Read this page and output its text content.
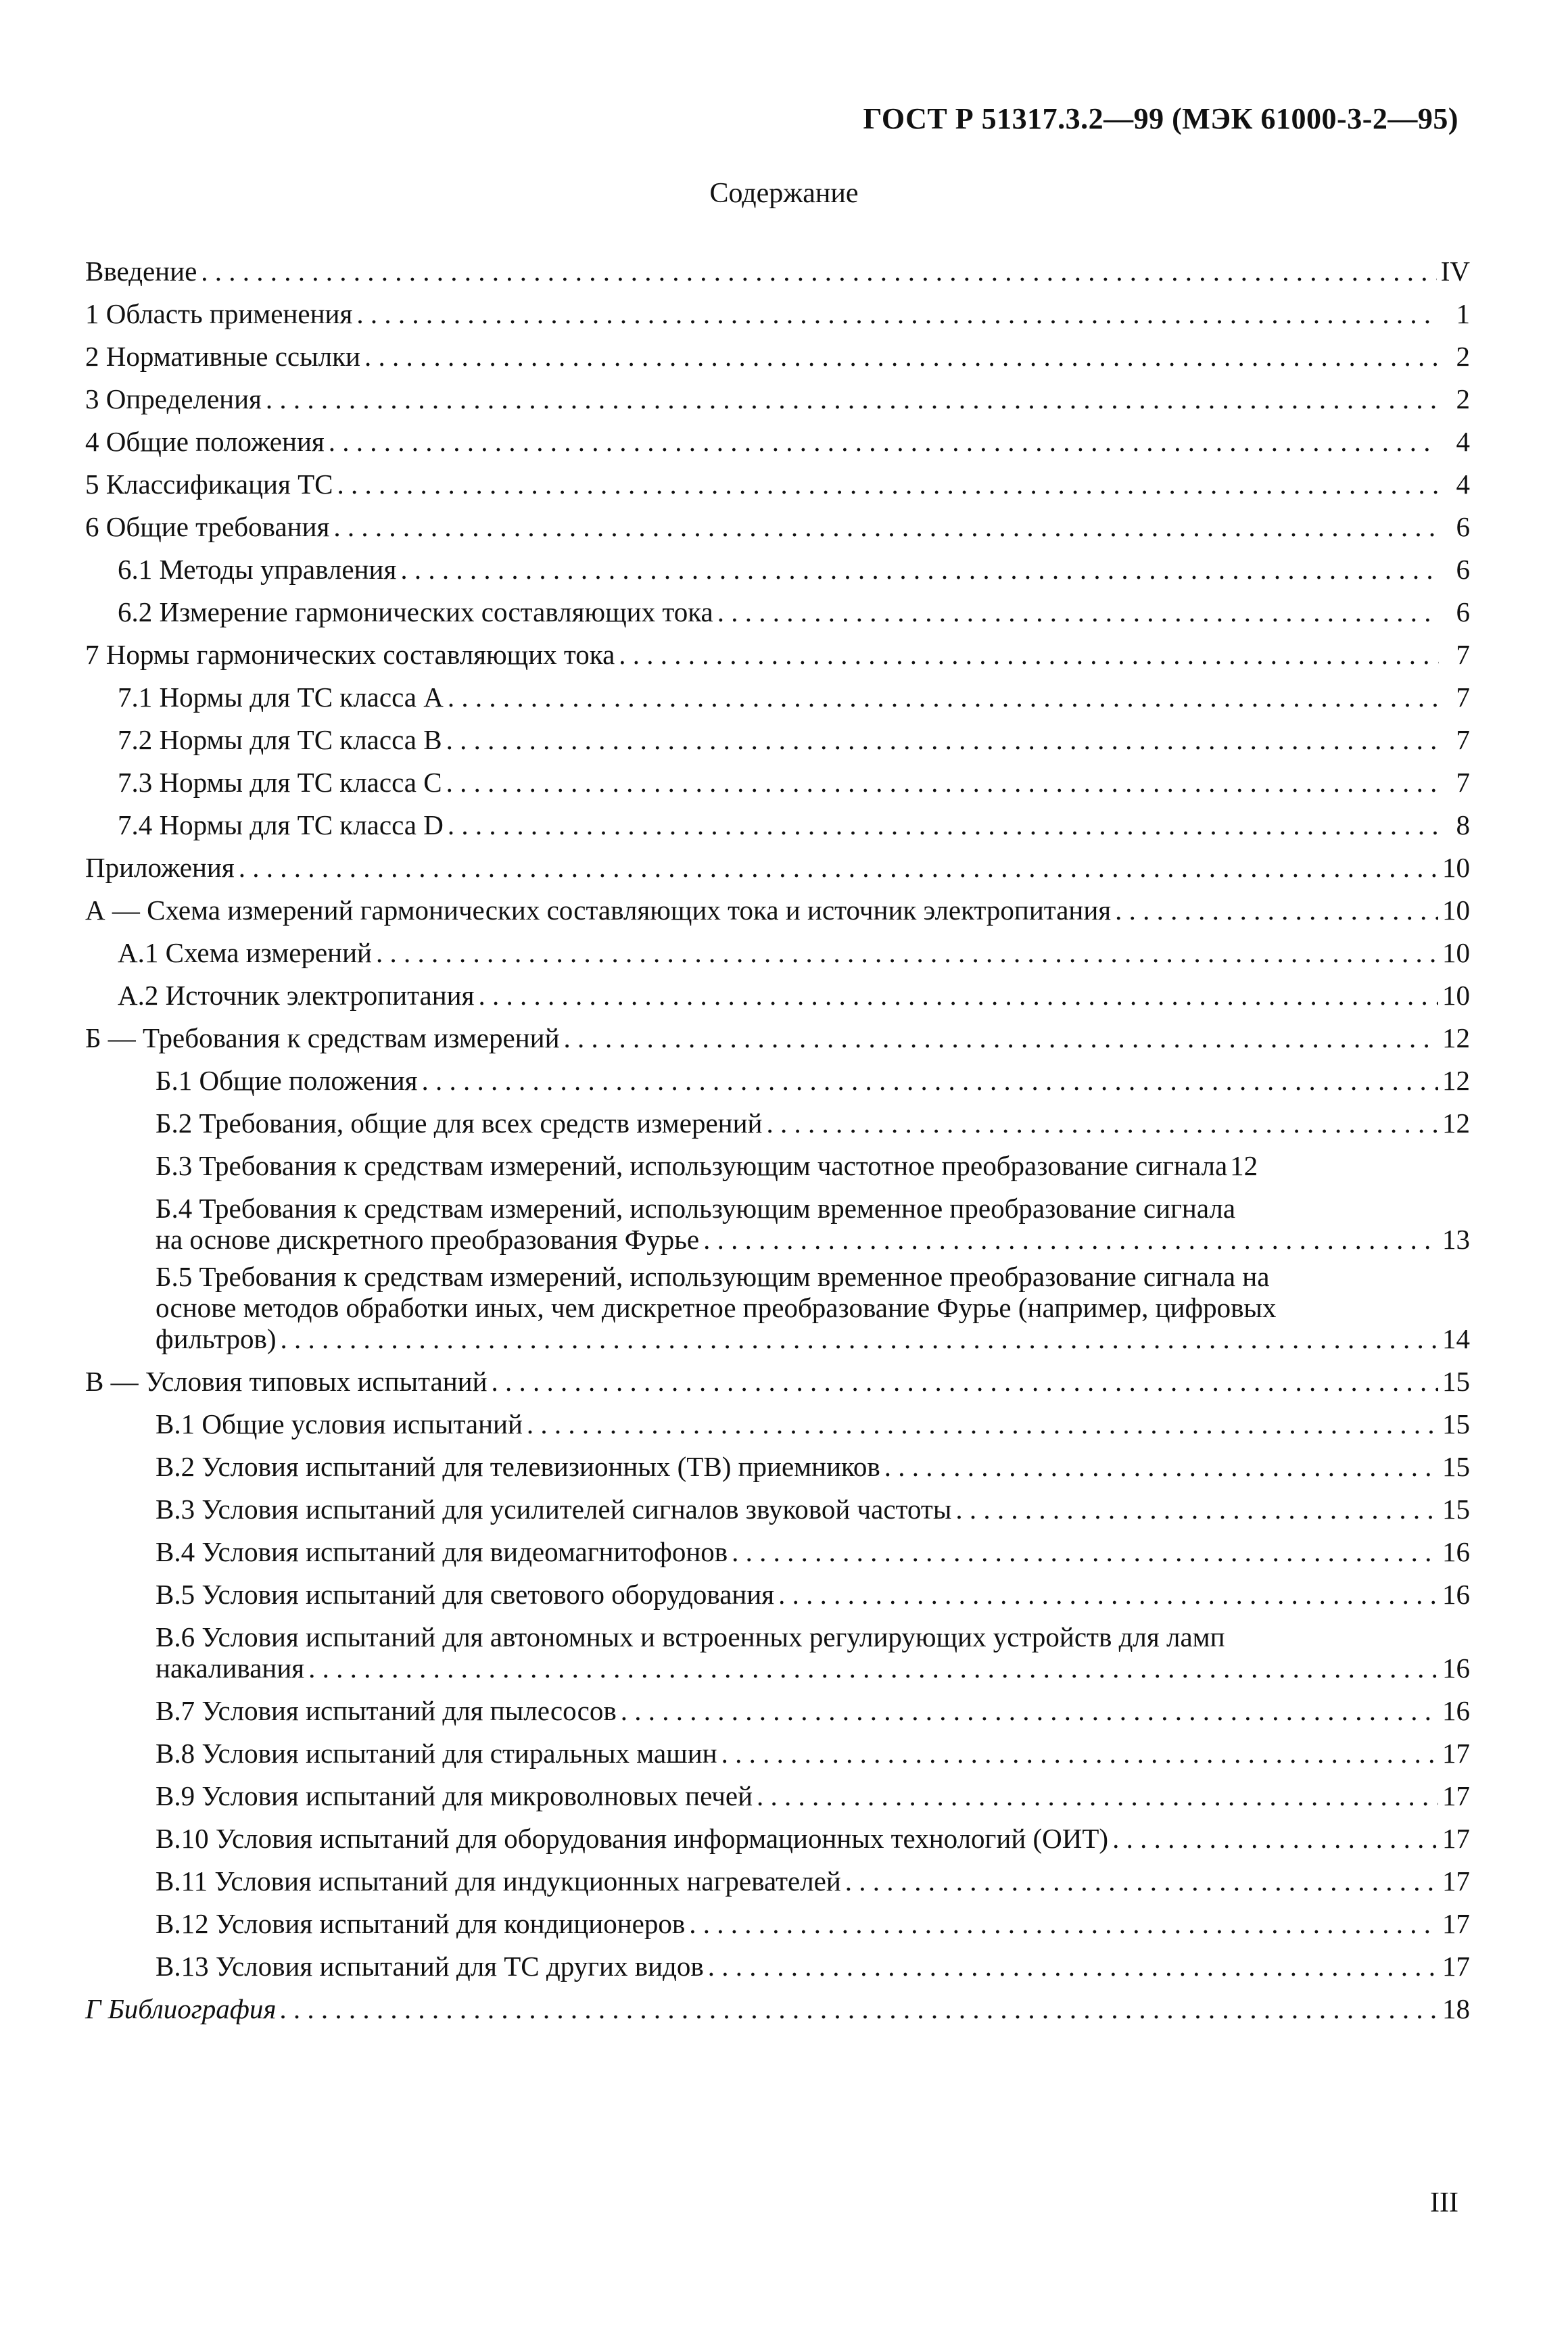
ГОСТ Р 51317.3.2—99 (МЭК 61000-3-2—95)
Содержание
Введение . . .	IV
1 Область применения . . .	1
2 Нормативные ссылки . . .	2
3 Определения . . .	2
4 Общие положения . . .	4
5 Классификация ТС . . .	4
6 Общие требования . . .	6
6.1 Методы управления . . .	6
6.2 Измерение гармонических составляющих тока . . .	6
7 Нормы гармонических составляющих тока . . .	7
7.1 Нормы для ТС класса А . . .	7
7.2 Нормы для ТС класса В . . .	7
7.3 Нормы для ТС класса С . . .	7
7.4 Нормы для ТС класса D . . .	8
Приложения . . .	10
А — Схема измерений гармонических составляющих тока и источник электропитания . . .	10
А.1 Схема измерений . . .	10
А.2 Источник электропитания . . .	10
Б — Требования к средствам измерений . . .	12
Б.1 Общие положения . . .	12
Б.2 Требования, общие для всех средств измерений . . .	12
Б.3 Требования к средствам измерений, использующим частотное преобразование сигнала 12
Б.4 Требования к средствам измерений, использующим временное преобразование сигнала
на основе дискретного преобразования Фурье . . .	13
Б.5 Требования к средствам измерений, использующим временное преобразование сигнала на
основе методов обработки иных, чем дискретное преобразование Фурье (например, цифровых
фильтров) . . .	14
В — Условия типовых испытаний . . .	15
В.1 Общие условия испытаний . . .	15
В.2 Условия испытаний для телевизионных (ТВ) приемников . . .	15
В.3 Условия испытаний для усилителей сигналов звуковой частоты . . .	15
В.4 Условия испытаний для видеомагнитофонов . . .	16
В.5 Условия испытаний для светового оборудования . . .	16
В.6 Условия испытаний для автономных и встроенных регулирующих устройств для ламп
накаливания . . .	16
В.7 Условия испытаний для пылесосов . . .	16
В.8 Условия испытаний для стиральных машин . . .	17
В.9 Условия испытаний для микроволновых печей . . .	17
В.10 Условия испытаний для оборудования информационных технологий (ОИТ) . . .	17
В.11 Условия испытаний для индукционных нагревателей . . .	17
В.12 Условия испытаний для кондиционеров . . .	17
В.13 Условия испытаний для ТС других видов . . .	17
Г Библиография . . .	18
III
